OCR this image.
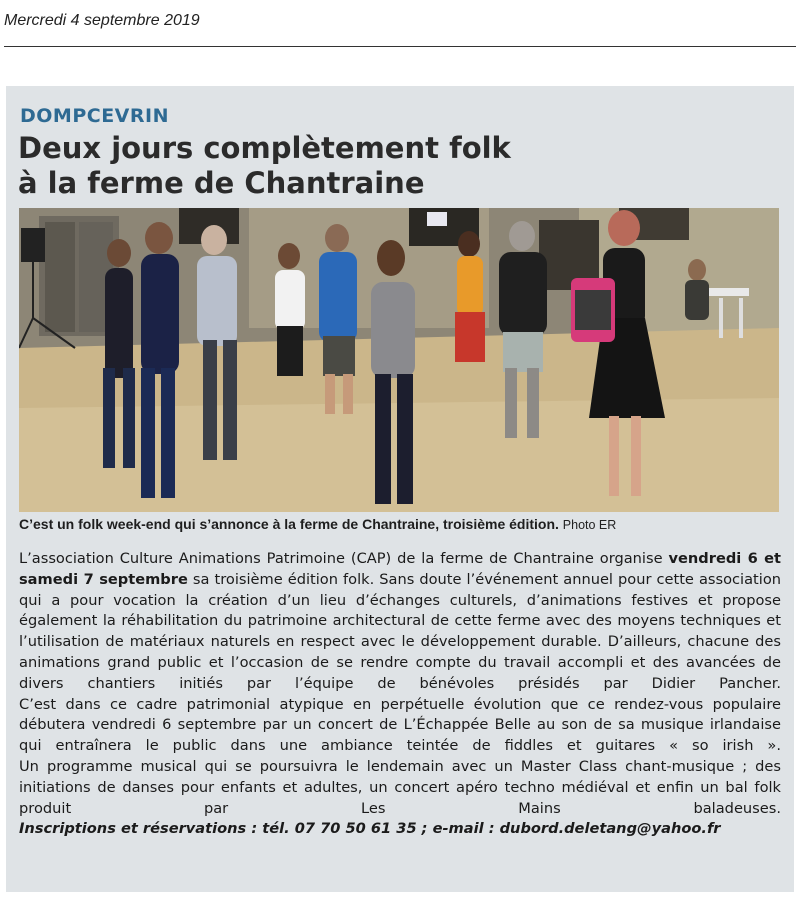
Mercredi 4 septembre 2019
DOMPCEVRIN
Deux jours complètement folk
à la ferme de Chantraine
C’est un folk week-end qui s’annonce à la ferme de Chantraine, troisième édition. Photo ER

L’association Culture Animations Patrimoine (CAP) de la ferme de Chantraine organise vendredi 6 et samedi 7 septembre sa troisième édition folk. Sans doute l’événement annuel pour cette association qui a pour vocation la création d’un lieu d’échanges culturels, d’animations festives et propose également la réhabilitation du patrimoine architectural de cette ferme avec des moyens techniques et l’utilisation de matériaux naturels en respect avec le développement durable. D’ailleurs, chacune des animations grand public et l’occasion de se rendre compte du travail accompli et des avancées de divers chantiers initiés par l’équipe de bénévoles présidés par Didier Pancher.

C’est dans ce cadre patrimonial atypique en perpétuelle évolution que ce rendez-vous populaire débutera vendredi 6 septembre par un concert de L’Échappée Belle au son de sa musique irlandaise qui entraînera le public dans une ambiance teintée de fiddles et guitares « so irish ».

Un programme musical qui se poursuivra le lendemain avec un Master Class chant-musique ; des initiations de danses pour enfants et adultes, un concert apéro techno médiéval et enfin un bal folk produit par Les Mains baladeuses.

Inscriptions et réservations : tél. 07 70 50 61 35 ; e-mail : dubord.deletang@yahoo.fr
